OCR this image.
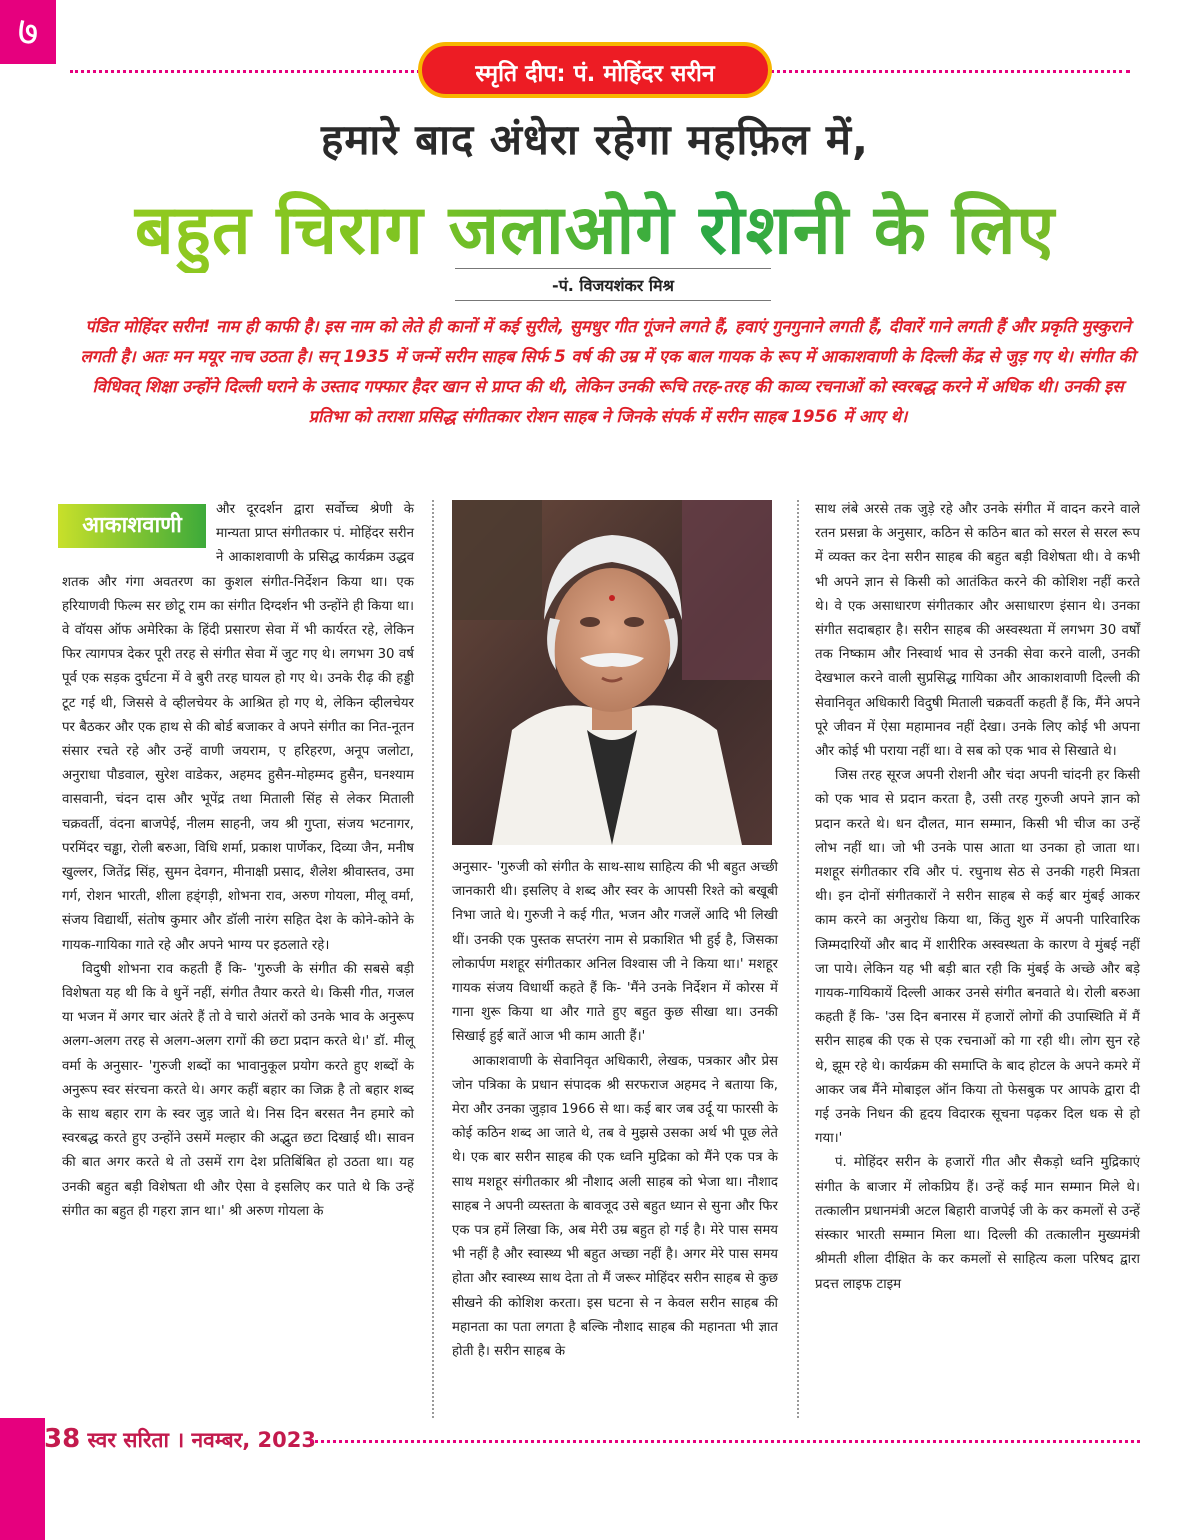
७
स्मृति दीप: पं. मोहिंदर सरीन
हमारे बाद अंधेरा रहेगा महफ़िल में,
बहुत चिराग जलाओगे रोशनी के लिए
-पं. विजयशंकर मिश्र
पंडित मोहिंदर सरीन! नाम ही काफी है। इस नाम को लेते ही कानों में कई सुरीले, सुमधुर गीत गूंजने लगते हैं, हवाएं गुनगुनाने लगती हैं, दीवारें गाने लगती हैं और प्रकृति मुस्कुराने लगती है। अतः मन मयूर नाच उठता है। सन् 1935 में जन्में सरीन साहब सिर्फ 5 वर्ष की उम्र में एक बाल गायक के रूप में आकाशवाणी के दिल्ली केंद्र से जुड़ गए थे। संगीत की विधिवत् शिक्षा उन्होंने दिल्ली घराने के उस्ताद गफ्फार हैदर खान से प्राप्त की थी, लेकिन उनकी रूचि तरह-तरह की काव्य रचनाओं को स्वरबद्ध करने में अधिक थी। उनकी इस प्रतिभा को तराशा प्रसिद्ध संगीतकार रोशन साहब ने जिनके संपर्क में सरीन साहब 1956 में आए थे।
आकाशवाणी

और दूरदर्शन द्वारा सर्वोच्च श्रेणी के मान्यता प्राप्त संगीतकार पं. मोहिंदर सरीन ने आकाशवाणी के प्रसिद्ध कार्यक्रम उद्धव शतक और गंगा अवतरण का कुशल संगीत-निर्देशन किया था। एक हरियाणवी फिल्म सर छोटू राम का संगीत दिग्दर्शन भी उन्होंने ही किया था। वे वॉयस ऑफ अमेरिका के हिंदी प्रसारण सेवा में भी कार्यरत रहे, लेकिन फिर त्यागपत्र देकर पूरी तरह से संगीत सेवा में जुट गए थे। लगभग 30 वर्ष पूर्व एक सड़क दुर्घटना में वे बुरी तरह घायल हो गए थे। उनके रीढ़ की हड्डी टूट गई थी, जिससे वे व्हीलचेयर के आश्रित हो गए थे, लेकिन व्हीलचेयर पर बैठकर और एक हाथ से की बोर्ड बजाकर वे अपने संगीत का नित-नूतन संसार रचते रहे और उन्हें वाणी जयराम, ए हरिहरण, अनूप जलोटा, अनुराधा पौडवाल, सुरेश वाडेकर, अहमद हुसैन-मोहम्मद हुसैन, घनश्याम वासवानी, चंदन दास और भूपेंद्र तथा मिताली सिंह से लेकर मिताली चक्रवर्ती, वंदना बाजपेई, नीलम साहनी, जय श्री गुप्ता, संजय भटनागर, परमिंदर चड्ढा, रोली बरुआ, विधि शर्मा, प्रकाश पार्णेकर, दिव्या जैन, मनीष खुल्लर, जितेंद्र सिंह, सुमन देवगन, मीनाक्षी प्रसाद, शैलेश श्रीवास्तव, उमा गर्ग, रोशन भारती, शीला हड्ंगड़ी, शोभना राव, अरुण गोयला, मीलू वर्मा, संजय विद्यार्थी, संतोष कुमार और डॉली नारंग सहित देश के कोने-कोने के गायक-गायिका गाते रहे और अपने भाग्य पर इठलाते रहे।

विदुषी शोभना राव कहती हैं कि- 'गुरुजी के संगीत की सबसे बड़ी विशेषता यह थी कि वे धुनें नहीं, संगीत तैयार करते थे। किसी गीत, गजल या भजन में अगर चार अंतरे हैं तो वे चारो अंतरों को उनके भाव के अनुरूप अलग-अलग तरह से अलग-अलग रागों की छटा प्रदान करते थे।' डॉ. मीलू वर्मा के अनुसार- 'गुरुजी शब्दों का भावानुकूल प्रयोग करते हुए शब्दों के अनुरूप स्वर संरचना करते थे। अगर कहीं बहार का जिक्र है तो बहार शब्द के साथ बहार राग के स्वर जुड़ जाते थे। निस दिन बरसत नैन हमारे को स्वरबद्ध करते हुए उन्होंने उसमें मल्हार की अद्भुत छटा दिखाई थी। सावन की बात अगर करते थे तो उसमें राग देश प्रतिबिंबित हो उठता था। यह उनकी बहुत बड़ी विशेषता थी और ऐसा वे इसलिए कर पाते थे कि उन्हें संगीत का बहुत ही गहरा ज्ञान था।' श्री अरुण गोयला के

अनुसार- 'गुरुजी को संगीत के साथ-साथ साहित्य की भी बहुत अच्छी जानकारी थी। इसलिए वे शब्द और स्वर के आपसी रिश्ते को बखूबी निभा जाते थे। गुरुजी ने कई गीत, भजन और गजलें आदि भी लिखी थीं। उनकी एक पुस्तक सप्तरंग नाम से प्रकाशित भी हुई है, जिसका लोकार्पण मशहूर संगीतकार अनिल विश्वास जी ने किया था।' मशहूर गायक संजय विधार्थी कहते हैं कि- 'मैंने उनके निर्देशन में कोरस में गाना शुरू किया था और गाते हुए बहुत कुछ सीखा था। उनकी सिखाई हुई बातें आज भी काम आती हैं।'

आकाशवाणी के सेवानिवृत अधिकारी, लेखक, पत्रकार और प्रेस जोन पत्रिका के प्रधान संपादक श्री सरफराज अहमद ने बताया कि, मेरा और उनका जुड़ाव 1966 से था। कई बार जब उर्दू या फारसी के कोई कठिन शब्द आ जाते थे, तब वे मुझसे उसका अर्थ भी पूछ लेते थे। एक बार सरीन साहब की एक ध्वनि मुद्रिका को मैंने एक पत्र के साथ मशहूर संगीतकार श्री नौशाद अली साहब को भेजा था। नौशाद साहब ने अपनी व्यस्तता के बावजूद उसे बहुत ध्यान से सुना और फिर एक पत्र हमें लिखा कि, अब मेरी उम्र बहुत हो गई है। मेरे पास समय भी नहीं है और स्वास्थ्य भी बहुत अच्छा नहीं है। अगर मेरे पास समय होता और स्वास्थ्य साथ देता तो मैं जरूर मोहिंदर सरीन साहब से कुछ सीखने की कोशिश करता। इस घटना से न केवल सरीन साहब की महानता का पता लगता है बल्कि नौशाद साहब की महानता भी ज्ञात होती है। सरीन साहब के

साथ लंबे अरसे तक जुड़े रहे और उनके संगीत में वादन करने वाले रतन प्रसन्ना के अनुसार, कठिन से कठिन बात को सरल से सरल रूप में व्यक्त कर देना सरीन साहब की बहुत बड़ी विशेषता थी। वे कभी भी अपने ज्ञान से किसी को आतंकित करने की कोशिश नहीं करते थे। वे एक असाधारण संगीतकार और असाधारण इंसान थे। उनका संगीत सदाबहार है। सरीन साहब की अस्वस्थता में लगभग 30 वर्षों तक निष्काम और निस्वार्थ भाव से उनकी सेवा करने वाली, उनकी देखभाल करने वाली सुप्रसिद्ध गायिका और आकाशवाणी दिल्ली की सेवानिवृत अधिकारी विदुषी मिताली चक्रवर्ती कहती हैं कि, मैंने अपने पूरे जीवन में ऐसा महामानव नहीं देखा। उनके लिए कोई भी अपना और कोई भी पराया नहीं था। वे सब को एक भाव से सिखाते थे।

जिस तरह सूरज अपनी रोशनी और चंदा अपनी चांदनी हर किसी को एक भाव से प्रदान करता है, उसी तरह गुरुजी अपने ज्ञान को प्रदान करते थे। धन दौलत, मान सम्मान, किसी भी चीज का उन्हें लोभ नहीं था। जो भी उनके पास आता था उनका हो जाता था। मशहूर संगीतकार रवि और पं. रघुनाथ सेठ से उनकी गहरी मित्रता थी। इन दोनों संगीतकारों ने सरीन साहब से कई बार मुंबई आकर काम करने का अनुरोध किया था, किंतु शुरु में अपनी पारिवारिक जिम्मदारियों और बाद में शारीरिक अस्वस्थता के कारण वे मुंबई नहीं जा पाये। लेकिन यह भी बड़ी बात रही कि मुंबई के अच्छे और बड़े गायक-गायिकायें दिल्ली आकर उनसे संगीत बनवाते थे। रोली बरुआ कहती हैं कि- 'उस दिन बनारस में हजारों लोगों की उपास्थिति में मैं सरीन साहब की एक से एक रचनाओं को गा रही थी। लोग सुन रहे थे, झूम रहे थे। कार्यक्रम की समाप्ति के बाद होटल के अपने कमरे में आकर जब मैंने मोबाइल ऑन किया तो फेसबुक पर आपके द्वारा दी गई उनके निधन की हृदय विदारक सूचना पढ़कर दिल धक से हो गया।'

पं. मोहिंदर सरीन के हजारों गीत और सैकड़ो ध्वनि मुद्रिकाएं संगीत के बाजार में लोकप्रिय हैं। उन्हें कई मान सम्मान मिले थे। तत्कालीन प्रधानमंत्री अटल बिहारी वाजपेई जी के कर कमलों से उन्हें संस्कार भारती सम्मान मिला था। दिल्ली की तत्कालीन मुख्यमंत्री श्रीमती शीला दीक्षित के कर कमलों से साहित्य कला परिषद द्वारा प्रदत्त लाइफ टाइम

38 स्वर सरिता । नवम्बर, 2023
